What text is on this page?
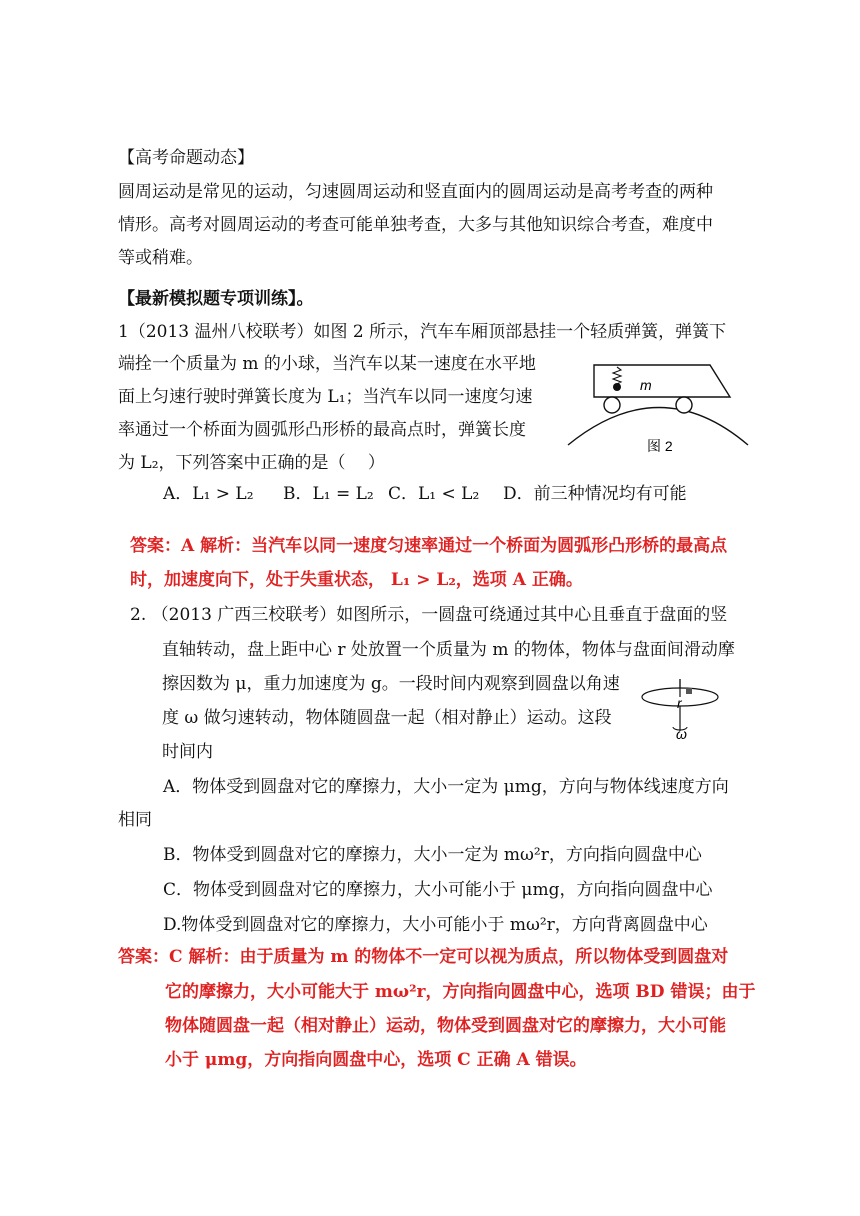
【高考命题动态】
圆周运动是常见的运动，匀速圆周运动和竖直面内的圆周运动是高考考查的两种
情形。高考对圆周运动的考查可能单独考查，大多与其他知识综合考查，难度中
等或稍难。
【最新模拟题专项训练】。
1（2013 温州八校联考）如图 2 所示，汽车车厢顶部悬挂一个轻质弹簧，弹簧下
端拴一个质量为 m 的小球，当汽车以某一速度在水平地
面上匀速行驶时弹簧长度为 L₁；当汽车以同一速度匀速
率通过一个桥面为圆弧形凸形桥的最高点时，弹簧长度
为 L₂，下列答案中正确的是（　 ）
A．L₁ > L₂ B．L₁ = L₂ C．L₁ < L₂ D．前三种情况均有可能
m
图 2
答案：A 解析：当汽车以同一速度匀速率通过一个桥面为圆弧形凸形桥的最高点
时，加速度向下，处于失重状态， L₁ > L₂，选项 A 正确。
2. （2013 广西三校联考）如图所示，一圆盘可绕通过其中心且垂直于盘面的竖
直轴转动，盘上距中心 r 处放置一个质量为 m 的物体，物体与盘面间滑动摩
擦因数为 μ，重力加速度为 g。一段时间内观察到圆盘以角速
度 ω 做匀速转动，物体随圆盘一起（相对静止）运动。这段
时间内
r
ω
A．物体受到圆盘对它的摩擦力，大小一定为 μmg，方向与物体线速度方向
相同
B．物体受到圆盘对它的摩擦力，大小一定为 mω²r，方向指向圆盘中心
C．物体受到圆盘对它的摩擦力，大小可能小于 μmg，方向指向圆盘中心
D.物体受到圆盘对它的摩擦力，大小可能小于 mω²r，方向背离圆盘中心
答案：C 解析：由于质量为 m 的物体不一定可以视为质点，所以物体受到圆盘对
它的摩擦力，大小可能大于 mω²r，方向指向圆盘中心，选项 BD 错误；由于
物体随圆盘一起（相对静止）运动，物体受到圆盘对它的摩擦力，大小可能
小于 μmg，方向指向圆盘中心，选项 C 正确 A 错误。
